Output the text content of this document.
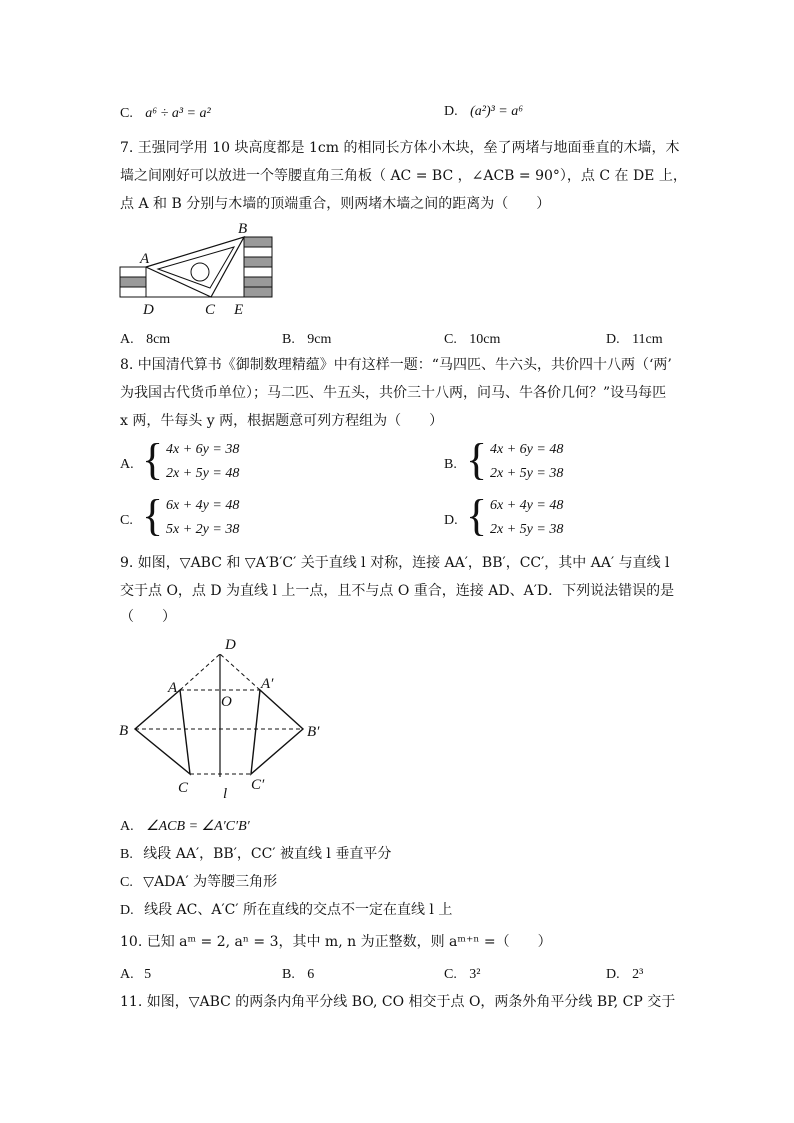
C. a⁶ ÷ a³ = a²	D. (a²)³ = a⁶
7. 王强同学用 10 块高度都是 1cm 的相同长方体小木块，垒了两堵与地面垂直的木墙，木
墙之间刚好可以放进一个等腰直角三角板（ AC = BC ，∠ACB = 90°），点 C 在 DE 上，
点 A 和 B 分别与木墙的顶端重合，则两堵木墙之间的距离为（　　）
A
B
C
D	E
A. 8cm	B. 9cm	C. 10cm	D. 11cm
8. 中国清代算书《御制数理精蕴》中有这样一题：“马四匹、牛六头，共价四十八两（‘两’
为我国古代货币单位）；马二匹、牛五头，共价三十八两，问马、牛各价几何？”设马每匹
x 两，牛每头 y 两，根据题意可列方程组为（　　）
A. { 4x + 6y = 38
2x + 5y = 48
B. { 4x + 6y = 48
2x + 5y = 38
C. { 6x + 4y = 48
5x + 2y = 38
D. { 6x + 4y = 48
2x + 5y = 38
9. 如图，▽ABC 和 ▽A′B′C′ 关于直线 l 对称，连接 AA′，BB′，CC′，其中 AA′ 与直线 l
交于点 O，点 D 为直线 l 上一点，且不与点 O 重合，连接 AD、A′D．下列说法错误的是
（　　）
D
A	A′
O
B	B′
C	C′
l
A. ∠ACB = ∠A′C′B′
B. 线段 AA′，BB′，CC′ 被直线 l 垂直平分
C. ▽ADA′ 为等腰三角形
D. 线段 AC、A′C′ 所在直线的交点不一定在直线 l 上
10. 已知 aᵐ = 2, aⁿ = 3，其中 m, n 为正整数，则 aᵐ⁺ⁿ =（　　）
A. 5	B. 6	C. 3²	D. 2³
11. 如图，▽ABC 的两条内角平分线 BO, CO 相交于点 O，两条外角平分线 BP, CP 交于
